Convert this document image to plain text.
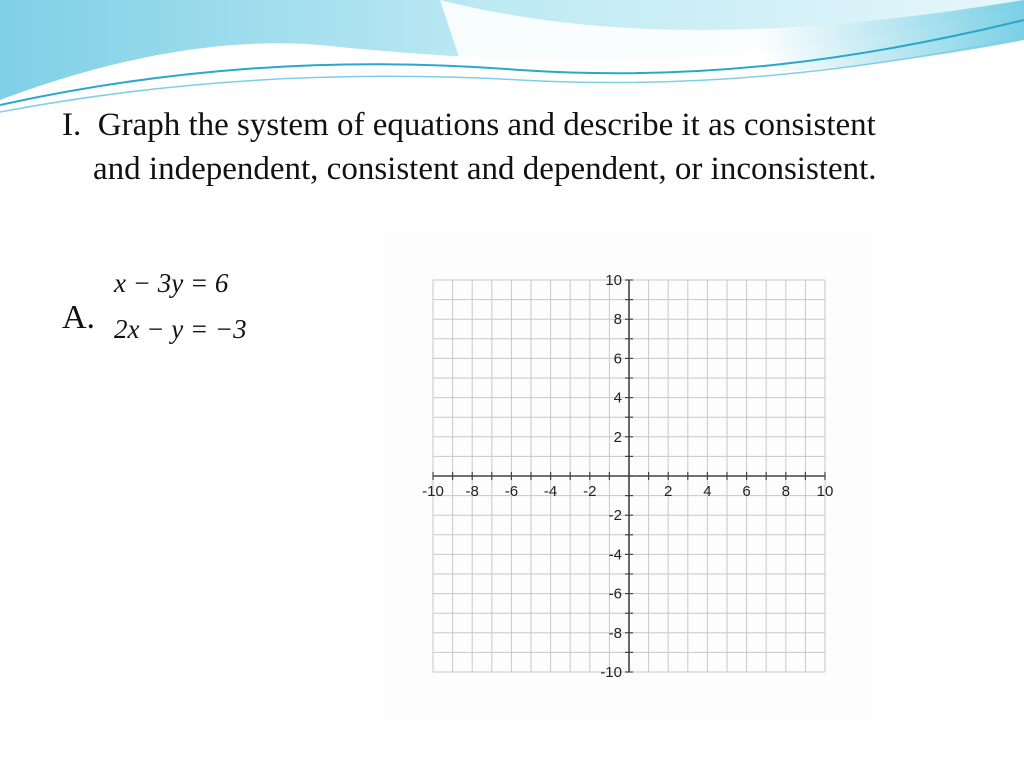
I. Graph the system of equations and describe it as consistent and independent, consistent and dependent, or inconsistent.
A.
x − 3y = 6
2x − y = −3
-10 -8 -6 -4 -2	2 4 6 8 10
10
8
6
4
2
-2
-4
-6
-8
-10
